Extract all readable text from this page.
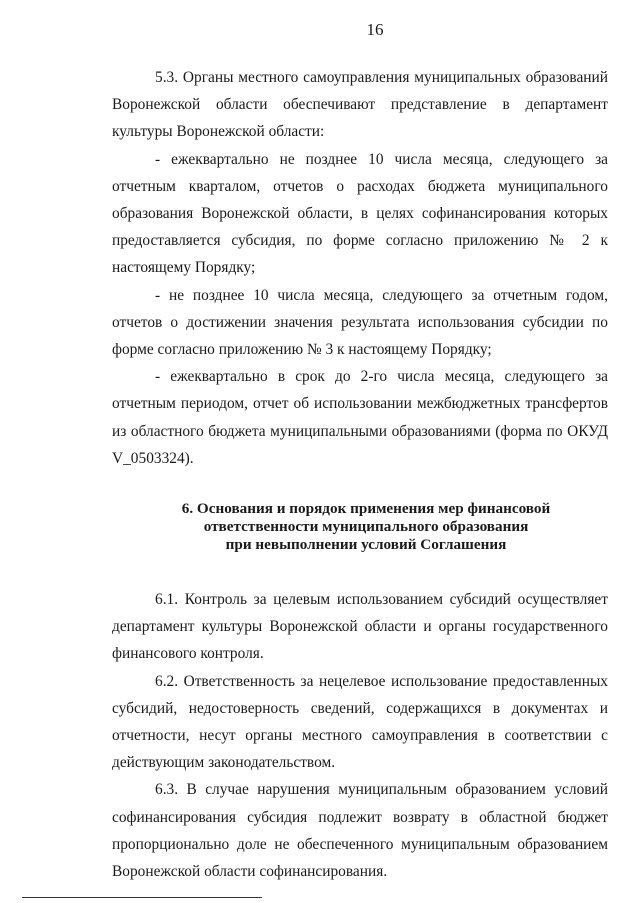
16

5.3. Органы местного самоуправления муниципальных образований Воронежской области обеспечивают представление в департамент культуры Воронежской области:

- ежеквартально не позднее 10 числа месяца, следующего за отчетным кварталом, отчетов о расходах бюджета муниципального образования Воронежской области, в целях софинансирования которых предоставляется субсидия, по форме согласно приложению № 2 к настоящему Порядку;

- не позднее 10 числа месяца, следующего за отчетным годом, отчетов о достижении значения результата использования субсидии по форме согласно приложению № 3 к настоящему Порядку;

- ежеквартально в срок до 2-го числа месяца, следующего за отчетным периодом, отчет об использовании межбюджетных трансфертов из областного бюджета муниципальными образованиями (форма по ОКУД V_0503324).

6. Основания и порядок применения мер финансовой
ответственности муниципального образования
при невыполнении условий Соглашения

6.1. Контроль за целевым использованием субсидий осуществляет департамент культуры Воронежской области и органы государственного финансового контроля.

6.2. Ответственность за нецелевое использование предоставленных субсидий, недостоверность сведений, содержащихся в документах и отчетности, несут органы местного самоуправления в соответствии с действующим законодательством.

6.3. В случае нарушения муниципальным образованием условий софинансирования субсидия подлежит возврату в областной бюджет пропорционально доле не обеспеченного муниципальным образованием Воронежской области софинансирования.
